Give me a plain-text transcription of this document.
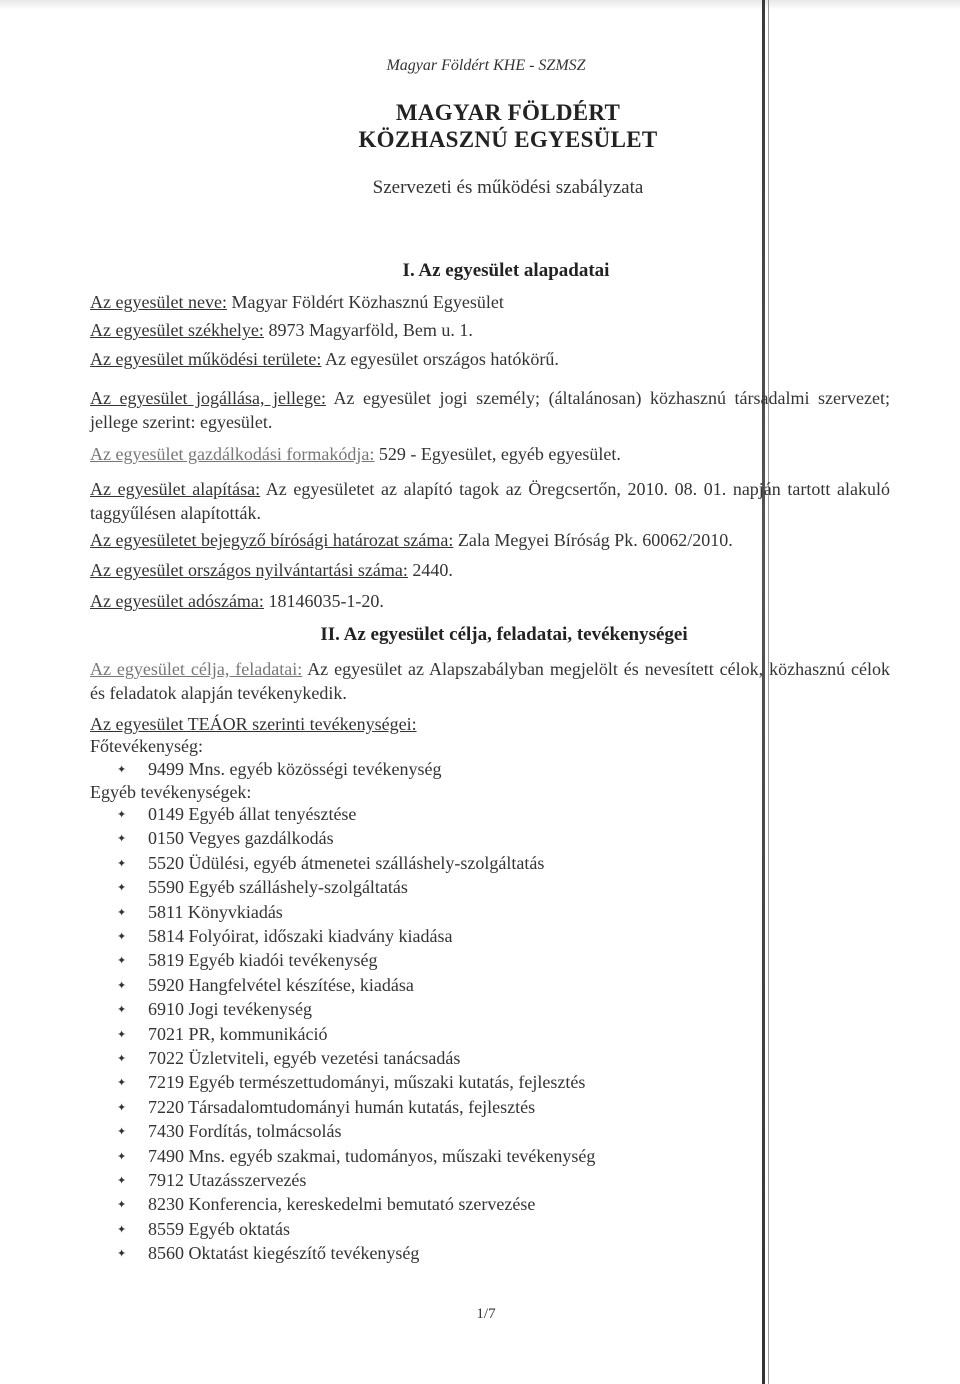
Magyar Földért KHE - SZMSZ
MAGYAR FÖLDÉRT
KÖZHASZNÚ EGYESÜLET
Szervezeti és működési szabályzata
I. Az egyesület alapadatai
Az egyesület neve: Magyar Földért Közhasznú Egyesület
Az egyesület székhelye: 8973 Magyarföld, Bem u. 1.
Az egyesület működési területe: Az egyesület országos hatókörű.
Az egyesület jogállása, jellege: Az egyesület jogi személy; (általánosan) közhasznú társadalmi szervezet; jellege szerint: egyesület.
Az egyesület gazdálkodási formakódja: 529 - Egyesület, egyéb egyesület.
Az egyesület alapítása: Az egyesületet az alapító tagok az Öregcsertőn, 2010. 08. 01. napján tartott alakuló taggyűlésen alapították.
Az egyesületet bejegyző bírósági határozat száma: Zala Megyei Bíróság Pk. 60062/2010.
Az egyesület országos nyilvántartási száma: 2440.
Az egyesület adószáma: 18146035-1-20.
II. Az egyesület célja, feladatai, tevékenységei
Az egyesület célja, feladatai: Az egyesület az Alapszabályban megjelölt és nevesített célok, közhasznú célok és feladatok alapján tevékenykedik.
Az egyesület TEÁOR szerinti tevékenységei:
Főtevékenység:
9499 Mns. egyéb közösségi tevékenység
Egyéb tevékenységek:
0149 Egyéb állat tenyésztése
0150 Vegyes gazdálkodás
5520 Üdülési, egyéb átmenetei szálláshely-szolgáltatás
5590 Egyéb szálláshely-szolgáltatás
5811 Könyvkiadás
5814 Folyóirat, időszaki kiadvány kiadása
5819 Egyéb kiadói tevékenység
5920 Hangfelvétel készítése, kiadása
6910 Jogi tevékenység
7021 PR, kommunikáció
7022 Üzletviteli, egyéb vezetési tanácsadás
7219 Egyéb természettudományi, műszaki kutatás, fejlesztés
7220 Társadalomtudományi humán kutatás, fejlesztés
7430 Fordítás, tolmácsolás
7490 Mns. egyéb szakmai, tudományos, műszaki tevékenység
7912 Utazásszervezés
8230 Konferencia, kereskedelmi bemutató szervezése
8559 Egyéb oktatás
8560 Oktatást kiegészítő tevékenység
1/7
